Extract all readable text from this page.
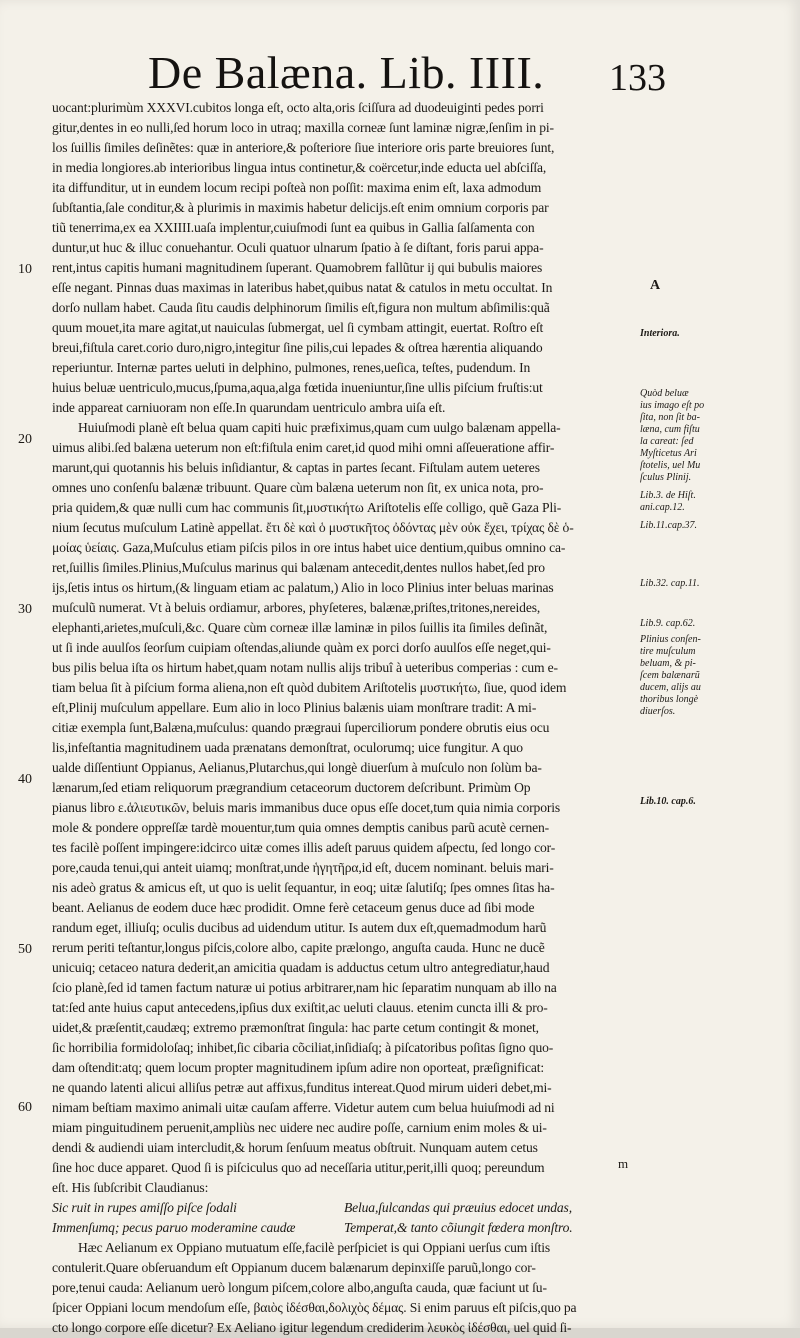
De Balæna. Lib. IIII. 133
10
20
30
40
50
60
uocant:plurimùm XXXVI.cubitos longa eſt, octo alta,oris ſciſſura ad duodeuiginti pedes porri
gitur,dentes in eo nulli,ſed horum loco in utraq; maxilla corneæ ſunt laminæ nigræ,ſenſim in pi-
los ſuillis ſimiles deſinẽtes: quæ in anteriore,& poſteriore ſiue interiore oris parte breuiores ſunt,
in media longiores.ab interioribus lingua intus continetur,& coërcetur,inde educta uel abſciſſa,
ita diffunditur, ut in eundem locum recipi poſteà non poſſit: maxima enim eſt, laxa admodum
ſubſtantia,ſale conditur,& à plurimis in maximis habetur delicijs.eſt enim omnium corporis par
tiũ tenerrima,ex ea XXIIII.uaſa implentur,cuiuſmodi ſunt ea quibus in Gallia ſalſamenta con
duntur,ut huc & illuc conuehantur. Oculi quatuor ulnarum ſpatio à ſe diſtant, foris parui appa-
rent,intus capitis humani magnitudinem ſuperant. Quamobrem fallũtur ij qui bubulis maiores
eſſe negant. Pinnas duas maximas in lateribus habet,quibus natat & catulos in metu occultat. In
dorſo nullam habet. Cauda ſitu caudis delphinorum ſimilis eſt,figura non multum abſimilis:quã
quum mouet,ita mare agitat,ut nauiculas ſubmergat, uel ſi cymbam attingit, euertat. Roſtro eſt
breui,fiſtula caret.corio duro,nigro,integitur ſine pilis,cui lepades & oſtrea hærentia aliquando
reperiuntur. Internæ partes ueluti in delphino, pulmones, renes,ueſica, teſtes, pudendum. In
huius beluæ uentriculo,mucus,ſpuma,aqua,alga fœtida inueniuntur,ſine ullis piſcium fruſtis:ut
inde appareat carniuoram non eſſe.In quarundam uentriculo ambra uiſa eſt.
Huiuſmodi planè eſt belua quam capiti huic præfiximus,quam cum uulgo balænam appella-
uimus alibi.ſed balæna ueterum non eſt:fiſtula enim caret,id quod mihi omni aſſeueratione affir-
marunt,qui quotannis his beluis inſidiantur, & captas in partes ſecant. Fiſtulam autem ueteres
omnes uno conſenſu balænæ tribuunt. Quare cùm balæna ueterum non ſit, ex unica nota, pro-
pria quidem,& quæ nulli cum hac communis ſit,μυστικήτω Ariſtotelis eſſe colligo, quẽ Gaza Pli-
nium ſecutus muſculum Latinè appellat. ἔτι δὲ καὶ ὁ μυστικῆτος ὀδόντας μὲν οὐκ ἔχει, τρίχας δὲ ὁ-
μοίας ὑείαις. Gaza,Muſculus etiam piſcis pilos in ore intus habet uice dentium,quibus omnino ca-
ret,ſuillis ſimiles.Plinius,Muſculus marinus qui balænam antecedit,dentes nullos habet,ſed pro
ijs,ſetis intus os hirtum,(& linguam etiam ac palatum,) Alio in loco Plinius inter beluas marinas
muſculũ numerat. Vt à beluis ordiamur, arbores, phyſeteres, balænæ,priſtes,tritones,nereides,
elephanti,arietes,muſculi,&c. Quare cùm corneæ illæ laminæ in pilos ſuillis ita ſimiles deſinãt,
ut ſi inde auulſos ſeorſum cuipiam oſtendas,aliunde quàm ex porci dorſo auulſos eſſe neget,qui-
bus pilis belua iſta os hirtum habet,quam notam nullis alijs tribuî à ueteribus comperias : cum e-
tiam belua ſit à piſcium forma aliena,non eſt quòd dubitem Ariſtotelis μυστικήτω, ſiue, quod idem
eſt,Plinij muſculum appellare. Eum alio in loco Plinius balænis uiam monſtrare tradit: A mi-
citiæ exempla ſunt,Balæna,muſculus: quando prægraui ſuperciliorum pondere obrutis eius ocu
lis,infeſtantia magnitudinem uada prænatans demonſtrat, oculorumq; uice fungitur. A quo
ualde diſſentiunt Oppianus, Aelianus,Plutarchus,qui longè diuerſum à muſculo non ſolùm ba-
lænarum,ſed etiam reliquorum prægrandium cetaceorum ductorem deſcribunt. Primùm Op
pianus libro ε.ἁλιευτικῶν, beluis maris immanibus duce opus eſſe docet,tum quia nimia corporis
mole & pondere oppreſſæ tardè mouentur,tum quia omnes demptis canibus parũ acutè cernen-
tes facilè poſſent impingere:idcirco uitæ comes illis adeſt paruus quidem aſpectu, ſed longo cor-
pore,cauda tenui,qui anteit uiamq; monſtrat,unde ἡγητῆρα,id eſt, ducem nominant. beluis mari-
nis adeò gratus & amicus eſt, ut quo is uelit ſequantur, in eoq; uitæ ſalutiſq; ſpes omnes ſitas ha-
beant. Aelianus de eodem duce hæc prodidit. Omne ferè cetaceum genus duce ad ſibi mode
randum eget, illiuſq; oculis ducibus ad uidendum utitur. Is autem dux eſt,quemadmodum harũ
rerum periti teſtantur,longus piſcis,colore albo, capite prælongo, anguſta cauda. Hunc ne ducẽ
unicuiq; cetaceo natura dederit,an amicitia quadam is adductus cetum ultro antegrediatur,haud
ſcio planè,ſed id tamen factum naturæ ui potius arbitrarer,nam hic ſeparatim nunquam ab illo na
tat:ſed ante huius caput antecedens,ipſius dux exiſtit,ac ueluti clauus. etenim cuncta illi & pro-
uidet,& præſentit,caudæq; extremo præmonſtrat ſingula: hac parte cetum contingit & monet,
ſic horribilia formidoloſaq; inhibet,ſic cibaria cõciliat,inſidiaſq; à piſcatoribus poſitas ſigno quo-
dam oſtendit:atq; quem locum propter magnitudinem ipſum adire non oporteat, præſignificat:
ne quando latenti alicui alliſus petræ aut affixus,funditus intereat.Quod mirum uideri debet,mi-
nimam beſtiam maximo animali uitæ cauſam afferre. Videtur autem cum belua huiuſmodi ad ni
miam pinguitudinem peruenit,ampliùs nec uidere nec audire poſſe, carnium enim moles & ui-
dendi & audiendi uiam intercludit,& horum ſenſuum meatus obſtruit. Nunquam autem cetus
ſine hoc duce apparet. Quod ſi is piſciculus quo ad neceſſaria utitur,perit,illi quoq; pereundum
eſt. His ſubſcribit Claudianus:
Sic ruit in rupes amiſſo piſce ſodali	Belua,ſulcandas qui præuius edocet undas,
Immenſumq; pecus paruo moderamine caudæ	Temperat,& tanto cõiungit fœdera monſtro.
Hæc Aelianum ex Oppiano mutuatum eſſe,facilè perſpiciet is qui Oppiani uerſus cum iſtis
contulerit.Quare obſeruandum eſt Oppianum ducem balænarum depinxiſſe paruũ,longo cor-
pore,tenui cauda: Aelianum uerò longum piſcem,colore albo,anguſta cauda, quæ faciunt ut ſu-
ſpicer Oppiani locum mendoſum eſſe, βαιὸς ἰδέσθαι,δολιχὸς δέμας. Si enim paruus eſt piſcis,quo pa
cto longo corpore eſſe dicetur? Ex Aeliano igitur legendum crediderim λευκὸς ἰδέσθαι, uel quid ſi-
Interiora.
Quòd beluæ
ius imago eſt po
ſita, non ſit ba-
læna, cum fiſtu
la careat: ſed
Myſticetus Ari
ſtotelis, uel Mu
ſculus Plinij.
Lib.3. de Hiſt.
ani.cap.12.
Lib.11.cap.37.
Lib.32. cap.11.
Lib.9. cap.62.
Plinius conſen-
tire muſculum
beluam, & pi-
ſcem balænarũ
ducem, alijs au
thoribus longè
diuerſos.
Lib.10. cap.6.
A
m
